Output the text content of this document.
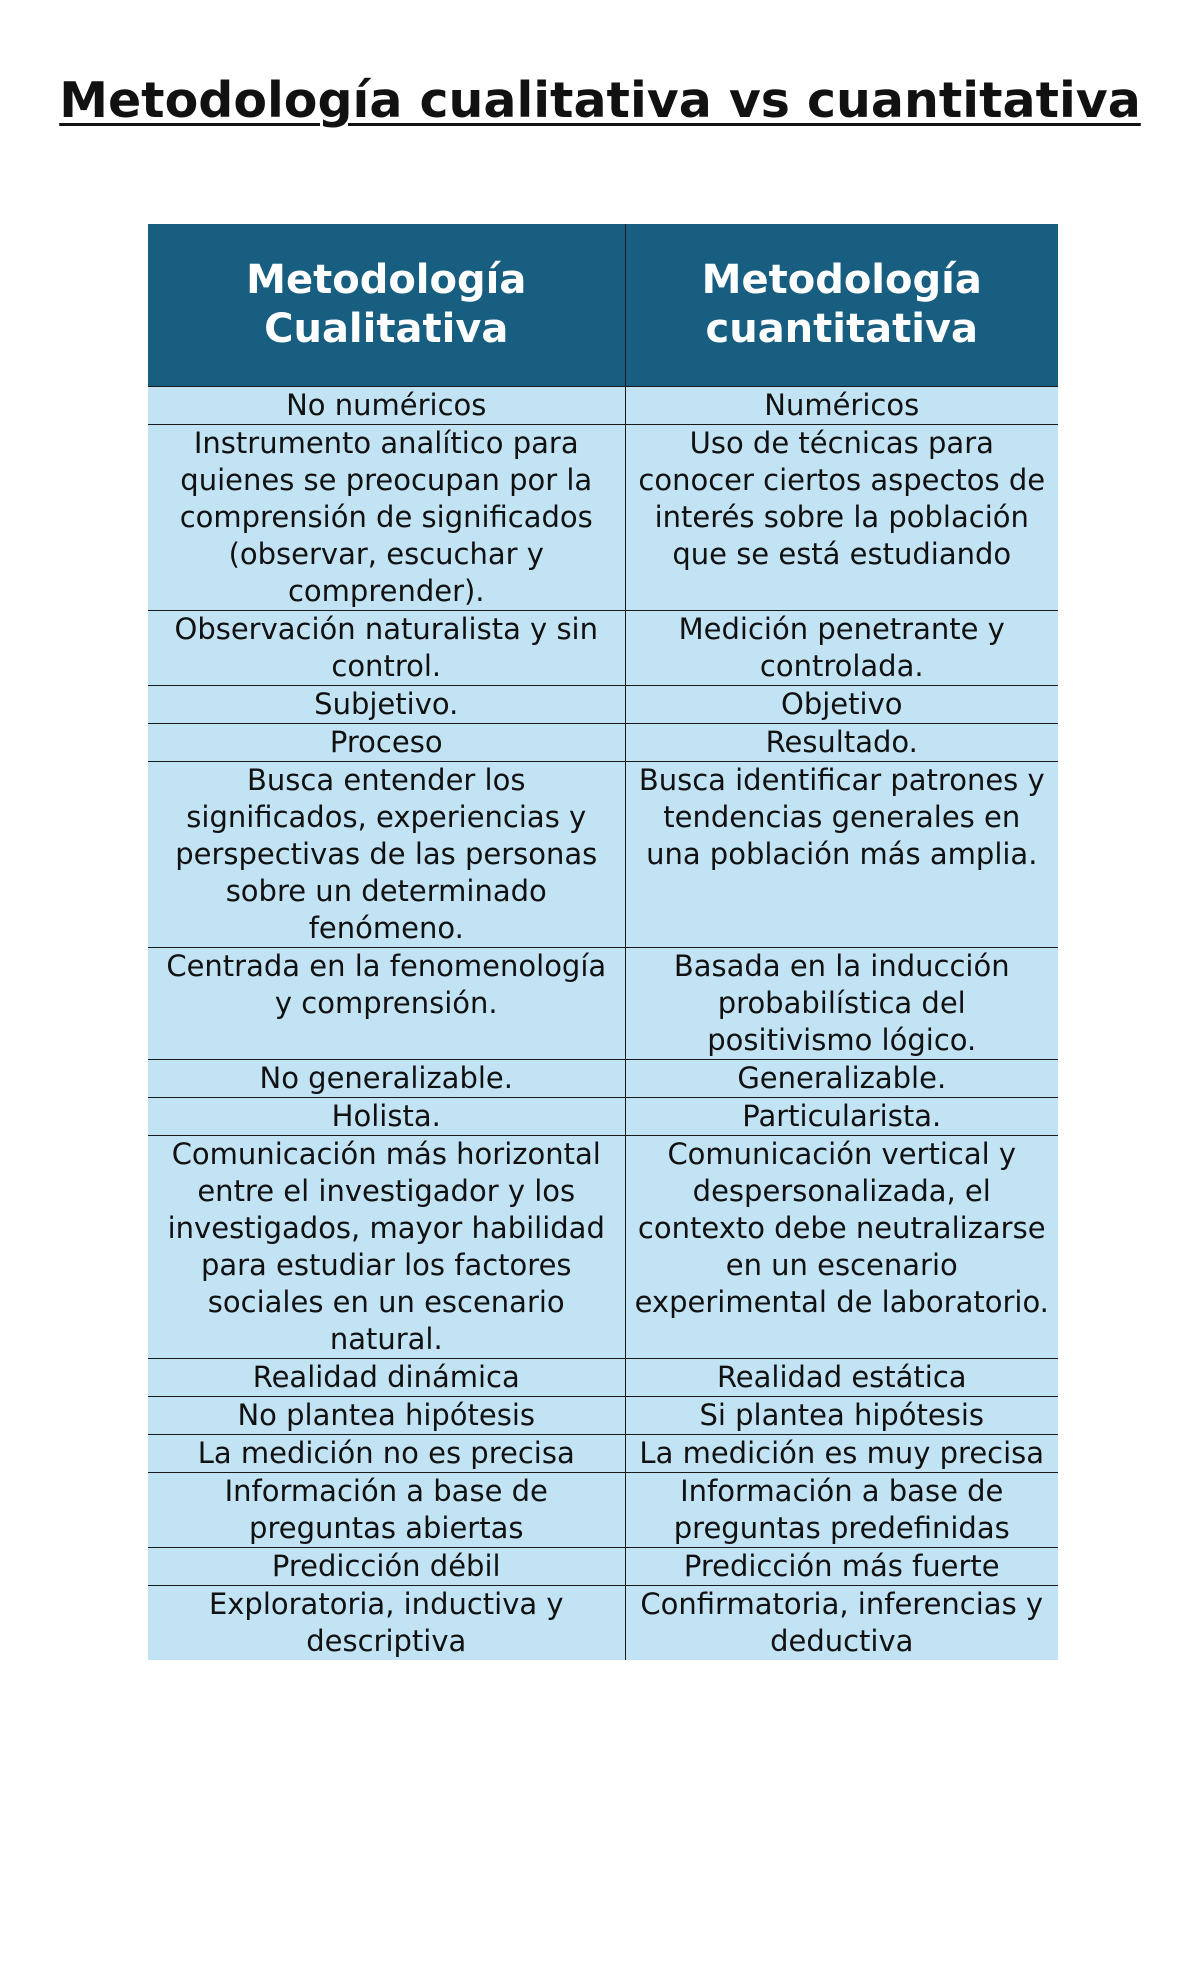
Metodología cualitativa vs cuantitativa
Metodología Cualitativa	Metodología cuantitativa
No numéricos	Numéricos
Instrumento analítico para quienes se preocupan por la comprensión de significados (observar, escuchar y comprender).	Uso de técnicas para conocer ciertos aspectos de interés sobre la población que se está estudiando
Observación naturalista y sin control.	Medición penetrante y controlada.
Subjetivo.	Objetivo
Proceso	Resultado.
Busca entender los significados, experiencias y perspectivas de las personas sobre un determinado fenómeno.	Busca identificar patrones y tendencias generales en una población más amplia.
Centrada en la fenomenología y comprensión.	Basada en la inducción probabilística del positivismo lógico.
No generalizable.	Generalizable.
Holista.	Particularista.
Comunicación más horizontal entre el investigador y los investigados, mayor habilidad para estudiar los factores sociales en un escenario natural.	Comunicación vertical y despersonalizada, el contexto debe neutralizarse en un escenario experimental de laboratorio.
Realidad dinámica	Realidad estática
No plantea hipótesis	Si plantea hipótesis
La medición no es precisa	La medición es muy precisa
Información a base de preguntas abiertas	Información a base de preguntas predefinidas
Predicción débil	Predicción más fuerte
Exploratoria, inductiva y descriptiva	Confirmatoria, inferencias y deductiva
